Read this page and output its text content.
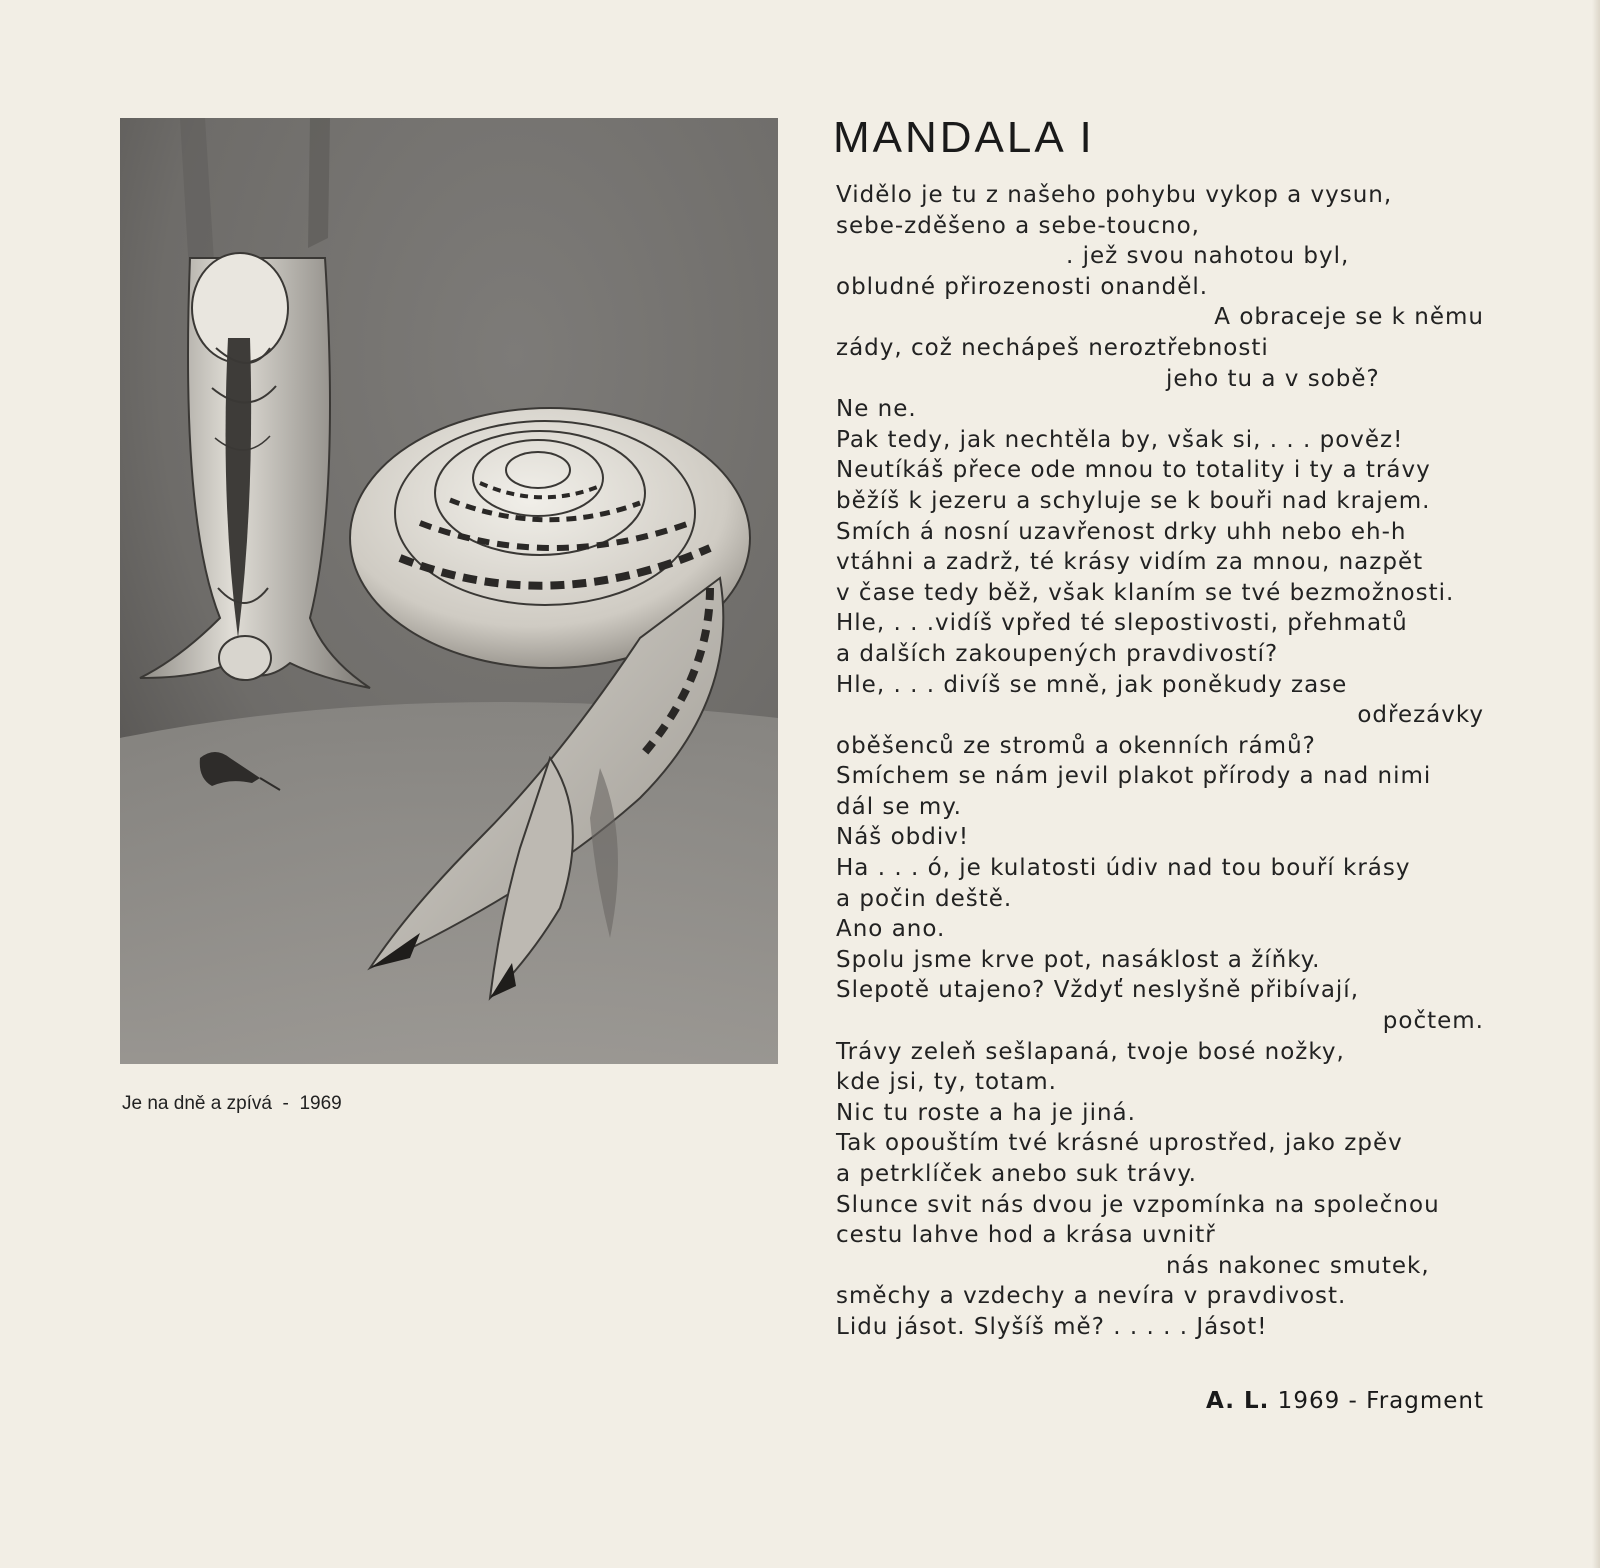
Je na dně a zpívá  -  1969
MANDALA I
Vidělo je tu z našeho pohybu vykop a vysun,
sebe-zděšeno a sebe-toucno,
. jež svou nahotou byl,
obludné přirozenosti onanděl.
A obraceje se k němu
zády, což nechápeš neroztřebnosti
jeho tu a v sobě?
Ne ne.
Pak tedy, jak nechtěla by, však si, . . . pověz!
Neutíkáš přece ode mnou to totality i ty a trávy
běžíš k jezeru a schyluje se k bouři nad krajem.
Smích á nosní uzavřenost drky uhh nebo eh-h
vtáhni a zadrž, té krásy vidím za mnou, nazpět
v čase tedy běž, však klaním se tvé bezmožnosti.
Hle, . . .vidíš vpřed té slepostivosti, přehmatů
a dalších zakoupených pravdivostí?
Hle, . . . divíš se mně, jak poněkudy zase
odřezávky
oběšenců ze stromů a okenních rámů?
Smíchem se nám jevil plakot přírody a nad nimi
dál se my.
Náš obdiv!
Ha . . . ó, je kulatosti údiv nad tou bouří krásy
a počin deště.
Ano ano.
Spolu jsme krve pot, nasáklost a žíňky.
Slepotě utajeno? Vždyť neslyšně přibívají,
počtem.
Trávy zeleň sešlapaná, tvoje bosé nožky,
kde jsi, ty, totam.
Nic tu roste a ha je jiná.
Tak opouštím tvé krásné uprostřed, jako zpěv
a petrklíček anebo suk trávy.
Slunce svit nás dvou je vzpomínka na společnou
cestu lahve hod a krása uvnitř
nás nakonec smutek,
směchy a vzdechy a nevíra v pravdivost.
Lidu jásot. Slyšíš mě? . . . . . Jásot!
A. L. 1969 - Fragment
